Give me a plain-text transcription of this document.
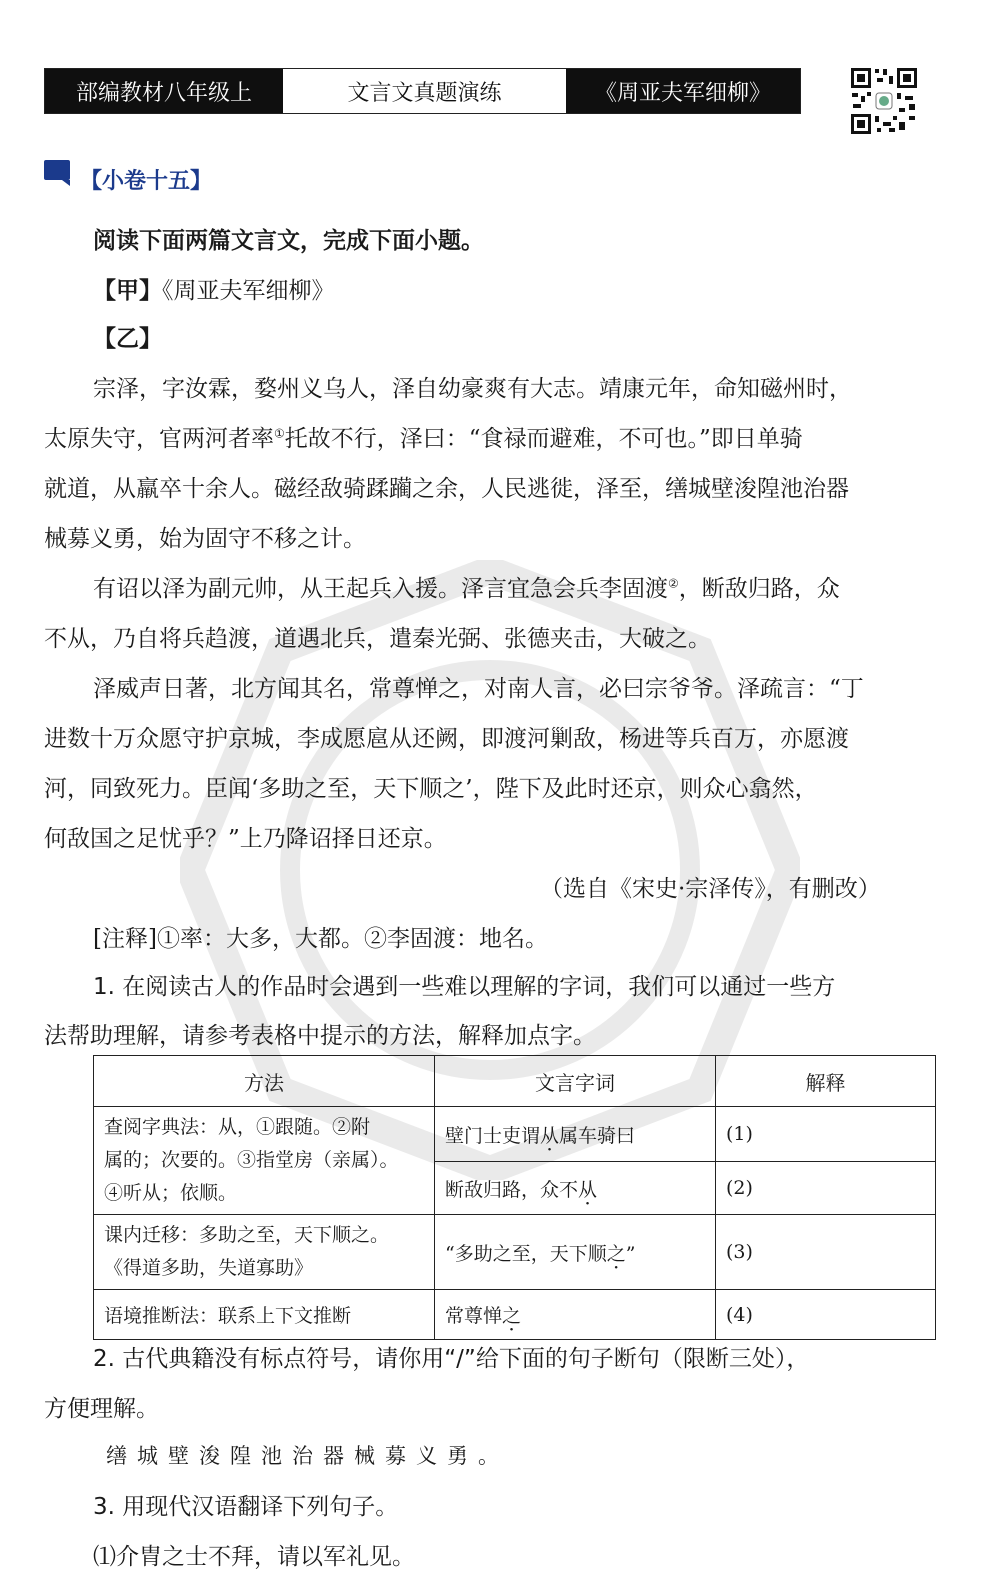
部编教材八年级上	文言文真题演练	《周亚夫军细柳》
【小卷十五】
阅读下面两篇文言文，完成下面小题。
【甲】《周亚夫军细柳》
【乙】
宗泽，字汝霖，婺州义乌人，泽自幼豪爽有大志。靖康元年，命知磁州时，
太原失守，官两河者率①托故不行，泽曰：“食禄而避难，不可也。”即日单骑
就道，从羸卒十余人。磁经敌骑蹂躏之余，人民逃徙，泽至，缮城壁浚隍池治器
械募义勇，始为固守不移之计。
有诏以泽为副元帅，从王起兵入援。泽言宜急会兵李固渡②，断敌归路，众
不从，乃自将兵趋渡，道遇北兵，遣秦光弼、张德夹击，大破之。
泽威声日著，北方闻其名，常尊惮之，对南人言，必曰宗爷爷。泽疏言：“丁
进数十万众愿守护京城，李成愿扈从还阙，即渡河剿敌，杨进等兵百万，亦愿渡
河，同致死力。臣闻‘多助之至，天下顺之’，陛下及此时还京，则众心翕然，
何敌国之足忧乎？”上乃降诏择日还京。
（选自《宋史·宗泽传》，有删改）
[注释]①率：大多，大都。②李固渡：地名。
1. 在阅读古人的作品时会遇到一些难以理解的字词，我们可以通过一些方
法帮助理解，请参考表格中提示的方法，解释加点字。
方法	文言字词	解释

查阅字典法：从，①跟随。②附
属的；次要的。③指堂房（亲属）。
④听从；依顺。	壁门士吏谓从属车骑曰	(1)
	断敌归路，众不从	(2)

课内迁移：多助之至，天下顺之。
《得道多助，失道寡助》	“多助之至，天下顺之”	(3)
语境推断法：联系上下文推断	常尊惮之	(4)
2. 古代典籍没有标点符号，请你用“/”给下面的句子断句（限断三处），
方便理解。
缮城壁浚隍池治器械募义勇。
3. 用现代汉语翻译下列句子。
⑴介胄之士不拜，请以军礼见。
